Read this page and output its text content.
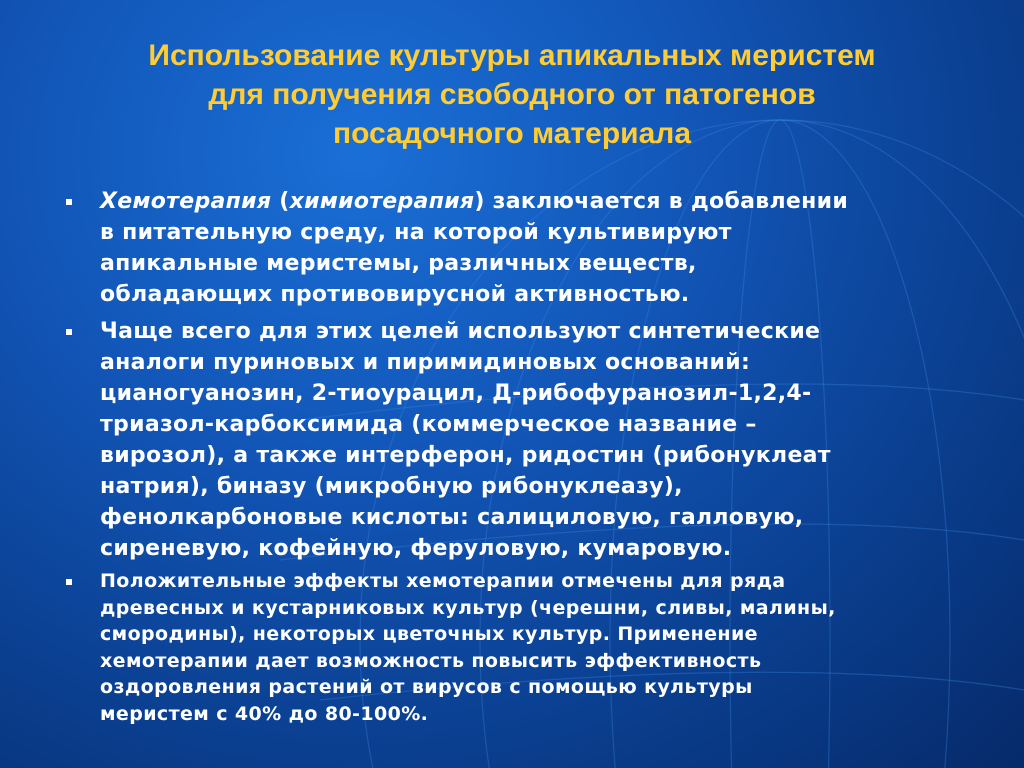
Использование культуры апикальных меристем
для получения свободного от патогенов
посадочного материала
Хемотерапия (химиотерапия) заключается в добавлении
в питательную среду, на которой культивируют
апикальные меристемы, различных веществ,
обладающих противовирусной активностью.
Чаще всего для этих целей используют синтетические
аналоги пуриновых и пиримидиновых оснований:
цианогуанозин, 2-тиоурацил, Д-рибофуранозил-1,2,4-
триазол-карбоксимида (коммерческое название –
вирозол), а также интерферон, ридостин (рибонуклеат
натрия), биназу (микробную рибонуклеазу),
фенолкарбоновые кислоты: салициловую, галловую,
сиреневую, кофейную, феруловую, кумаровую.
Положительные эффекты хемотерапии отмечены для ряда
древесных и кустарниковых культур (черешни, сливы, малины,
смородины), некоторых цветочных культур. Применение
хемотерапии дает возможность повысить эффективность
оздоровления растений от вирусов с помощью культуры
меристем с 40% до 80-100%.
